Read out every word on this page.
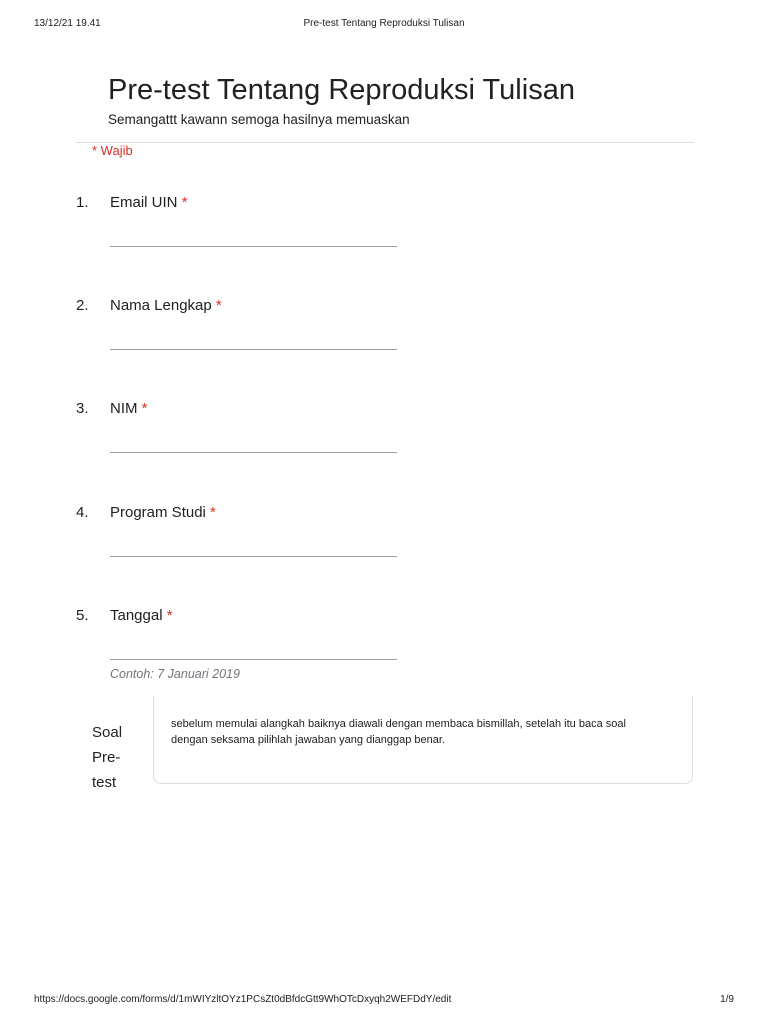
13/12/21 19.41	Pre-test Tentang Reproduksi Tulisan
Pre-test Tentang Reproduksi Tulisan
Semangattt kawann semoga hasilnya memuaskan
* Wajib
1. Email UIN *
2. Nama Lengkap *
3. NIM *
4. Program Studi *
5. Tanggal *
Contoh: 7 Januari 2019
Soal Pre-test
sebelum memulai alangkah baiknya diawali dengan membaca bismillah, setelah itu baca soal dengan seksama pilihlah jawaban yang dianggap benar.
https://docs.google.com/forms/d/1mWIYzltOYz1PCsZt0dBfdcGtt9WhOTcDxyqh2WEFDdY/edit	1/9
